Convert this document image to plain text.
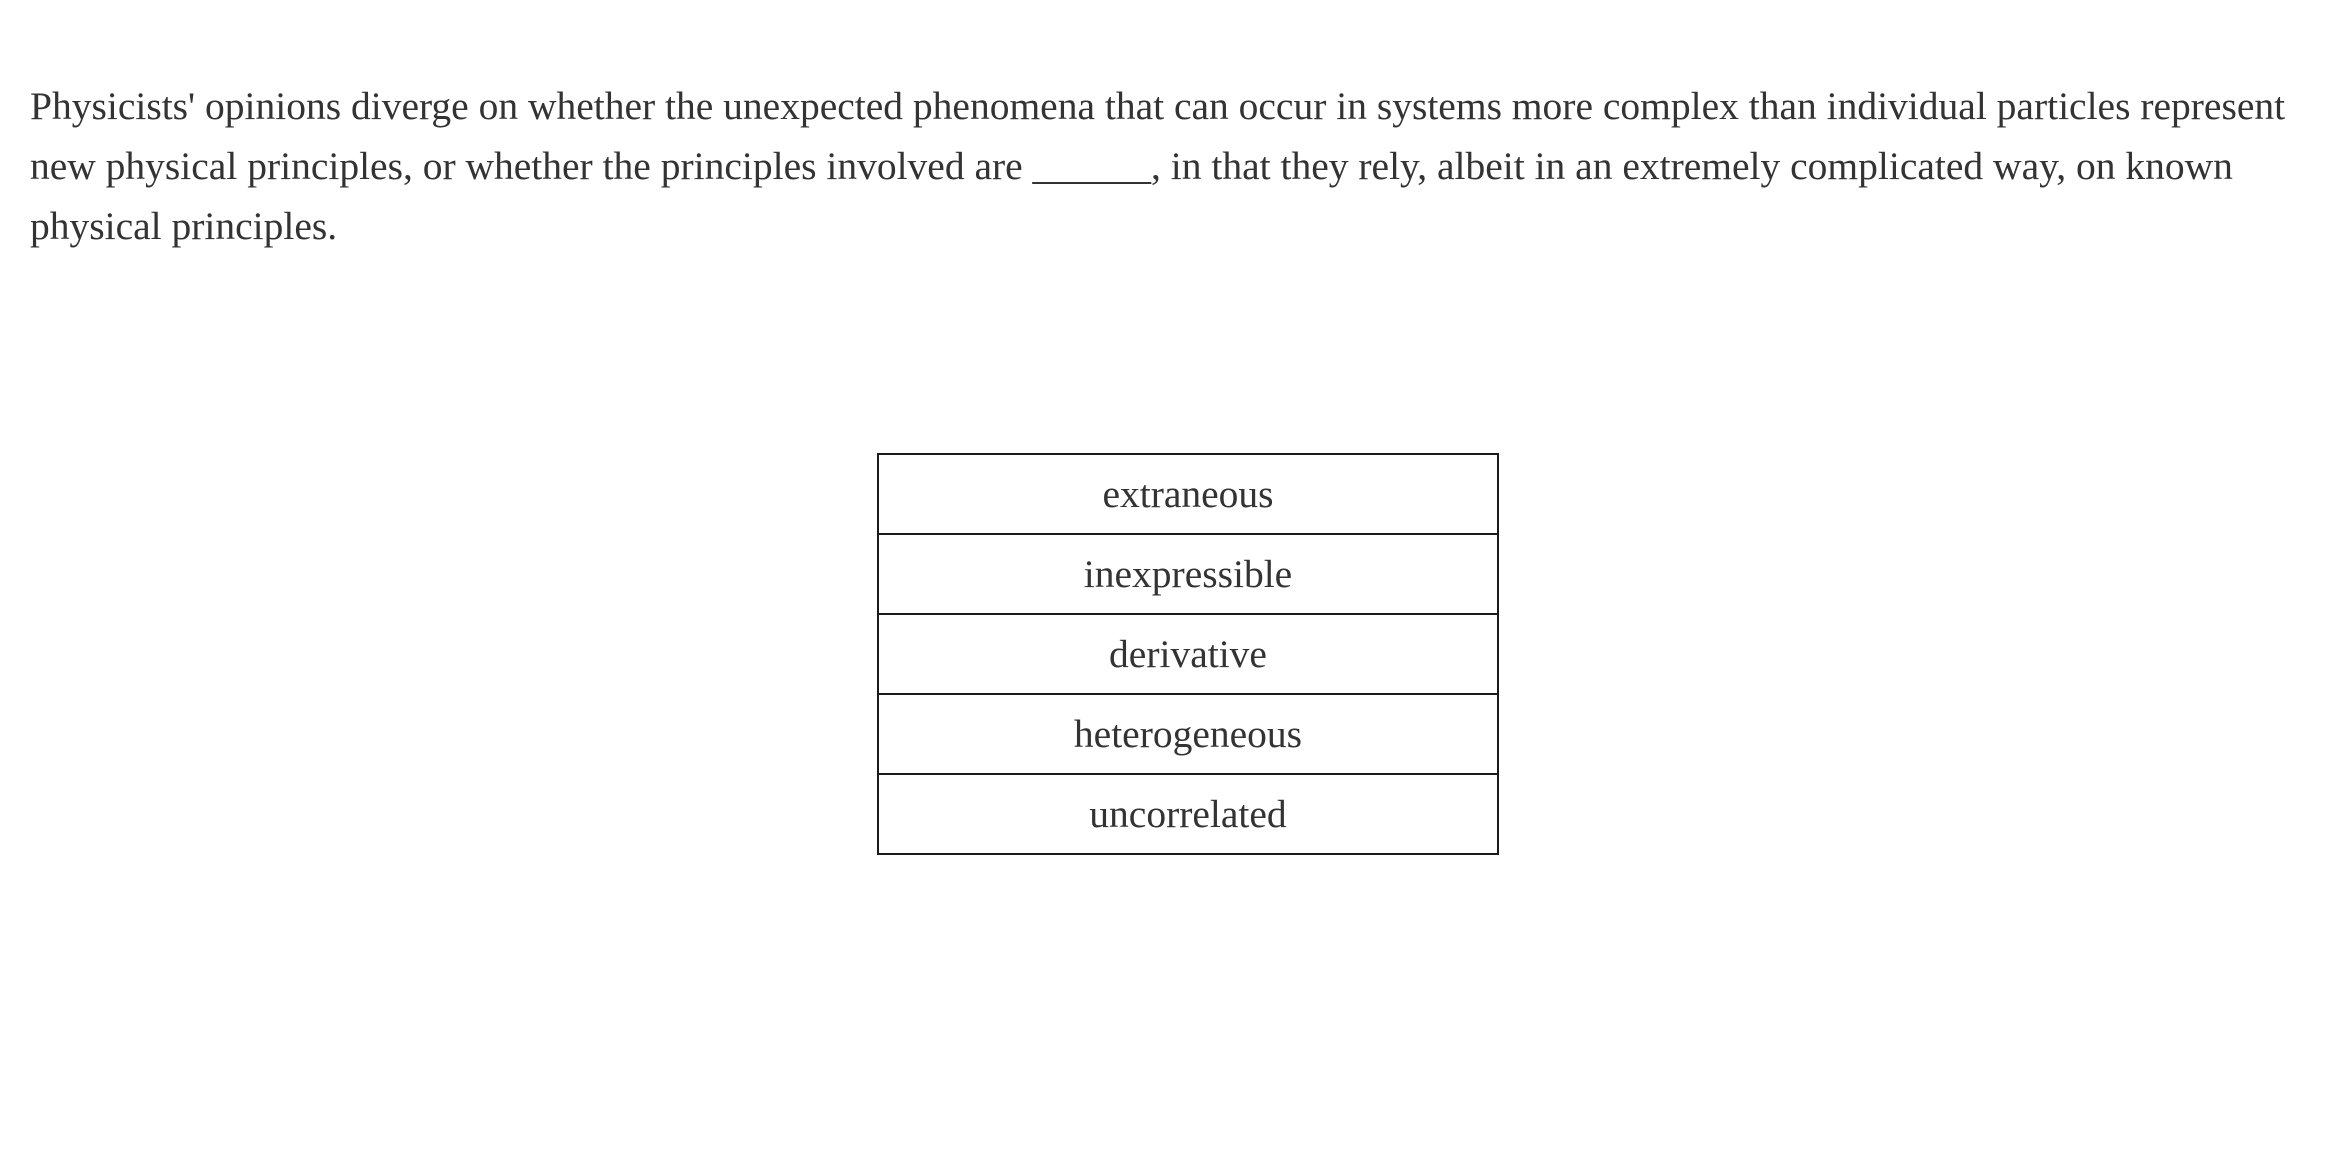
Physicists' opinions diverge on whether the unexpected phenomena that can occur in systems more complex than individual particles represent new physical principles, or whether the principles involved are ______, in that they rely, albeit in an extremely complicated way, on known physical principles.

extraneous
inexpressible
derivative
heterogeneous
uncorrelated
